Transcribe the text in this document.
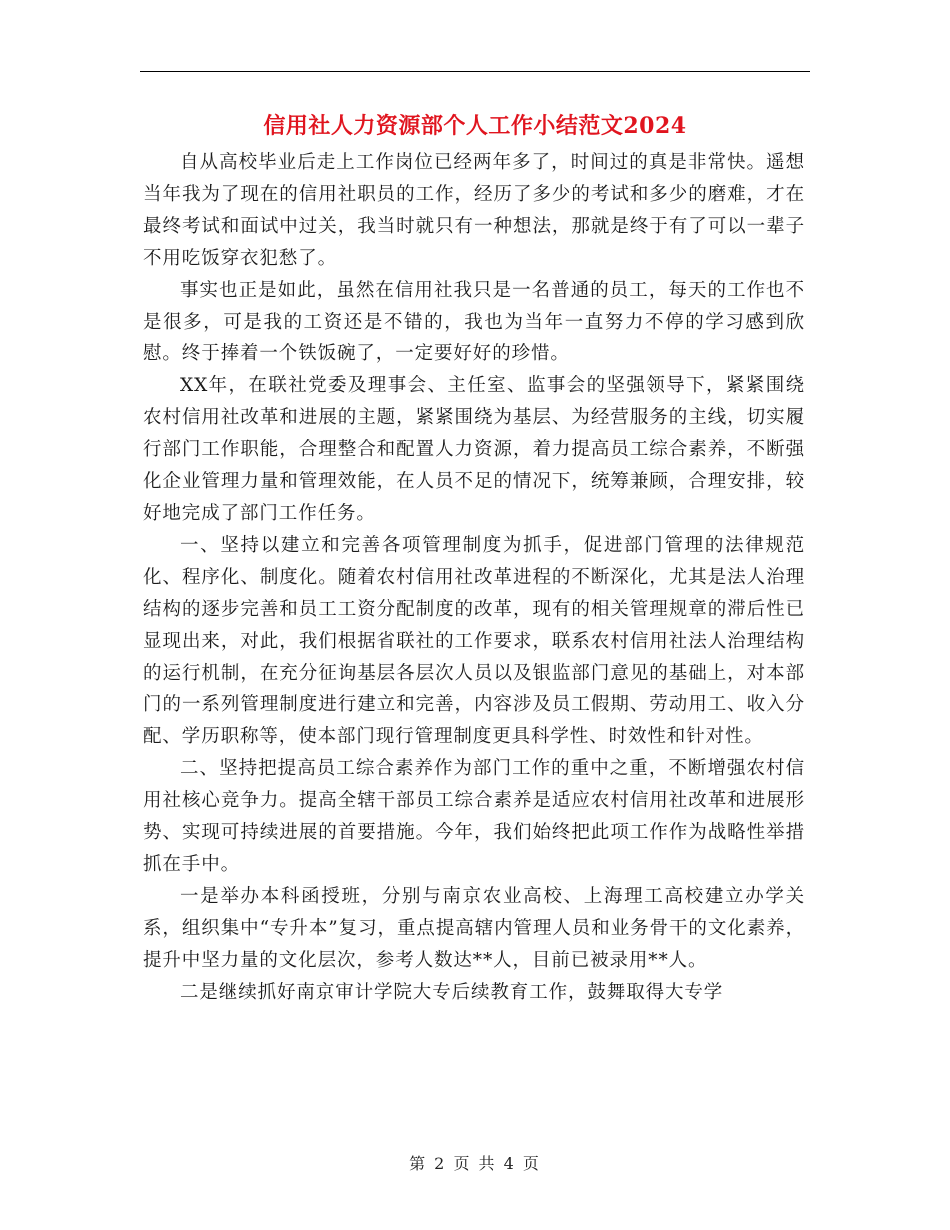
信用社人力资源部个人工作小结范文2024

自从高校毕业后走上工作岗位已经两年多了，时间过的真是非常快。遥想当年我为了现在的信用社职员的工作，经历了多少的考试和多少的磨难，才在最终考试和面试中过关，我当时就只有一种想法，那就是终于有了可以一辈子不用吃饭穿衣犯愁了。

事实也正是如此，虽然在信用社我只是一名普通的员工，每天的工作也不是很多，可是我的工资还是不错的，我也为当年一直努力不停的学习感到欣慰。终于捧着一个铁饭碗了，一定要好好的珍惜。

XX年，在联社党委及理事会、主任室、监事会的坚强领导下，紧紧围绕农村信用社改革和进展的主题，紧紧围绕为基层、为经营服务的主线，切实履行部门工作职能，合理整合和配置人力资源，着力提高员工综合素养，不断强化企业管理力量和管理效能，在人员不足的情况下，统筹兼顾，合理安排，较好地完成了部门工作任务。

一、坚持以建立和完善各项管理制度为抓手，促进部门管理的法律规范化、程序化、制度化。随着农村信用社改革进程的不断深化，尤其是法人治理结构的逐步完善和员工工资分配制度的改革，现有的相关管理规章的滞后性已显现出来，对此，我们根据省联社的工作要求，联系农村信用社法人治理结构的运行机制，在充分征询基层各层次人员以及银监部门意见的基础上，对本部门的一系列管理制度进行建立和完善，内容涉及员工假期、劳动用工、收入分配、学历职称等，使本部门现行管理制度更具科学性、时效性和针对性。

二、坚持把提高员工综合素养作为部门工作的重中之重，不断增强农村信用社核心竞争力。提高全辖干部员工综合素养是适应农村信用社改革和进展形势、实现可持续进展的首要措施。今年，我们始终把此项工作作为战略性举措抓在手中。

一是举办本科函授班，分别与南京农业高校、上海理工高校建立办学关系，组织集中“专升本”复习，重点提高辖内管理人员和业务骨干的文化素养，提升中坚力量的文化层次，参考人数达**人，目前已被录用**人。

二是继续抓好南京审计学院大专后续教育工作，鼓舞取得大专学

第 2 页 共 4 页
